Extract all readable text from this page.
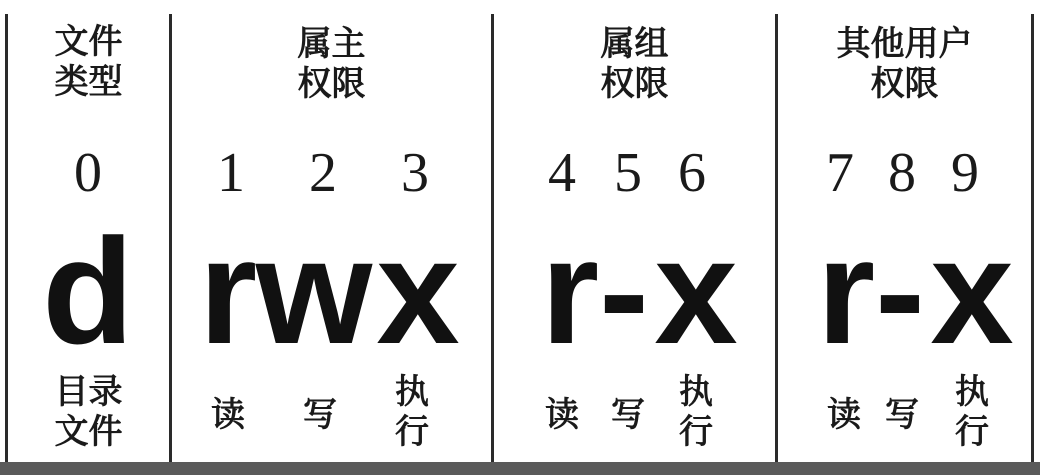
文件
类型
0
d
目录
文件
属主
权限
1	2	3
r
w x
读 写
执
行
属组
权限
4 5 6
r - x
读 写
执
行
其他用户
权限
7 8 9
r - x
读 写
执
行
